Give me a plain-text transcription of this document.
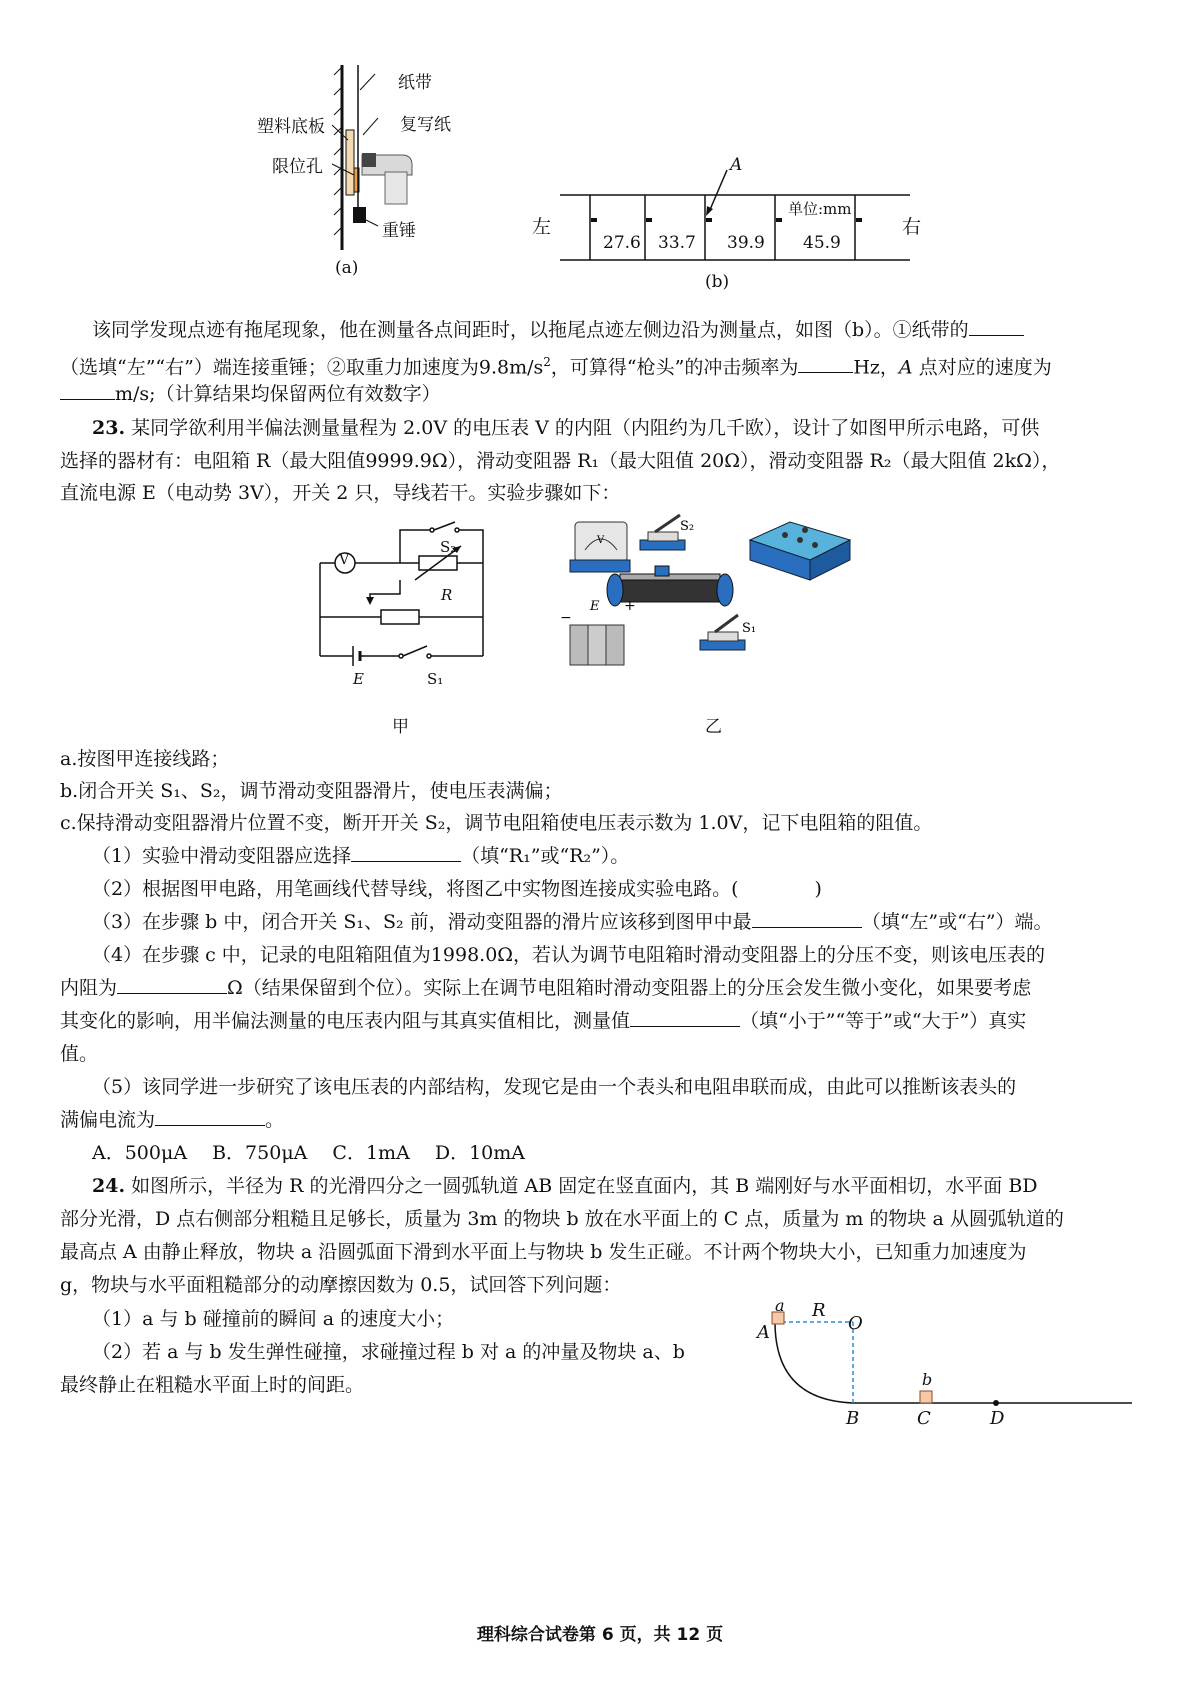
纸带
复写纸
塑料底板
限位孔
重锤
(a)
左	右
A
单位:mm
27.6 33.7 39.9 45.9
(b)
该同学发现点迹有拖尾现象，他在测量各点间距时，以拖尾点迹左侧边沿为测量点，如图（b）。①纸带的
（选填“左”“右”）端连接重锤；②取重力加速度为$9.8m/s^2$，可算得“枪头”的冲击频率为	Hz，A 点对应的速度为
m/s;（计算结果均保留两位有效数字）
23. 某同学欲利用半偏法测量量程为 2.0V 的电压表 V 的内阻（内阻约为几千欧），设计了如图甲所示电路，可供
选择的器材有：电阻箱 R（最大阻值9999.9Ω），滑动变阻器 R₁（最大阻值 20Ω），滑动变阻器 R₂（最大阻值 2kΩ），
直流电源 E（电动势 3V），开关 2 只，导线若干。实验步骤如下：
V
S₂
R
E	S₁
甲
V
S₂
−
+
E
S₁
乙
a.按图甲连接线路；
b.闭合开关 S₁、S₂，调节滑动变阻器滑片，使电压表满偏；
c.保持滑动变阻器滑片位置不变，断开开关 S₂，调节电阻箱使电压表示数为 1.0V，记下电阻箱的阻值。
（1）实验中滑动变阻器应选择	（填“R₁”或“R₂”）。
（2）根据图甲电路，用笔画线代替导线，将图乙中实物图连接成实验电路。(　　　　)
（3）在步骤 b 中，闭合开关 S₁、S₂ 前，滑动变阻器的滑片应该移到图甲中最	（填“左”或“右”）端。
（4）在步骤 c 中，记录的电阻箱阻值为1998.0Ω，若认为调节电阻箱时滑动变阻器上的分压不变，则该电压表的
内阻为	Ω（结果保留到个位）。实际上在调节电阻箱时滑动变阻器上的分压会发生微小变化，如果要考虑
其变化的影响，用半偏法测量的电压表内阻与其真实值相比，测量值	（填“小于”“等于”或“大于”）真实
值。
（5）该同学进一步研究了该电压表的内部结构，发现它是由一个表头和电阻串联而成，由此可以推断该表头的
满偏电流为	。
A．500μA　 B．750μA　 C．1mA　 D．10mA
24. 如图所示，半径为 R 的光滑四分之一圆弧轨道 AB 固定在竖直面内，其 B 端刚好与水平面相切，水平面 BD
部分光滑，D 点右侧部分粗糙且足够长，质量为 3m 的物块 b 放在水平面上的 C 点，质量为 m 的物块 a 从圆弧轨道的
最高点 A 由静止释放，物块 a 沿圆弧面下滑到水平面上与物块 b 发生正碰。不计两个物块大小，已知重力加速度为
g，物块与水平面粗糙部分的动摩擦因数为 0.5，试回答下列问题：
（1）a 与 b 碰撞前的瞬间 a 的速度大小；
（2）若 a 与 b 发生弹性碰撞，求碰撞过程 b 对 a 的冲量及物块 a、b
最终静止在粗糙水平面上时的间距。
A
a R
O
b
B	C	D
理科综合试卷第 6 页，共 12 页
